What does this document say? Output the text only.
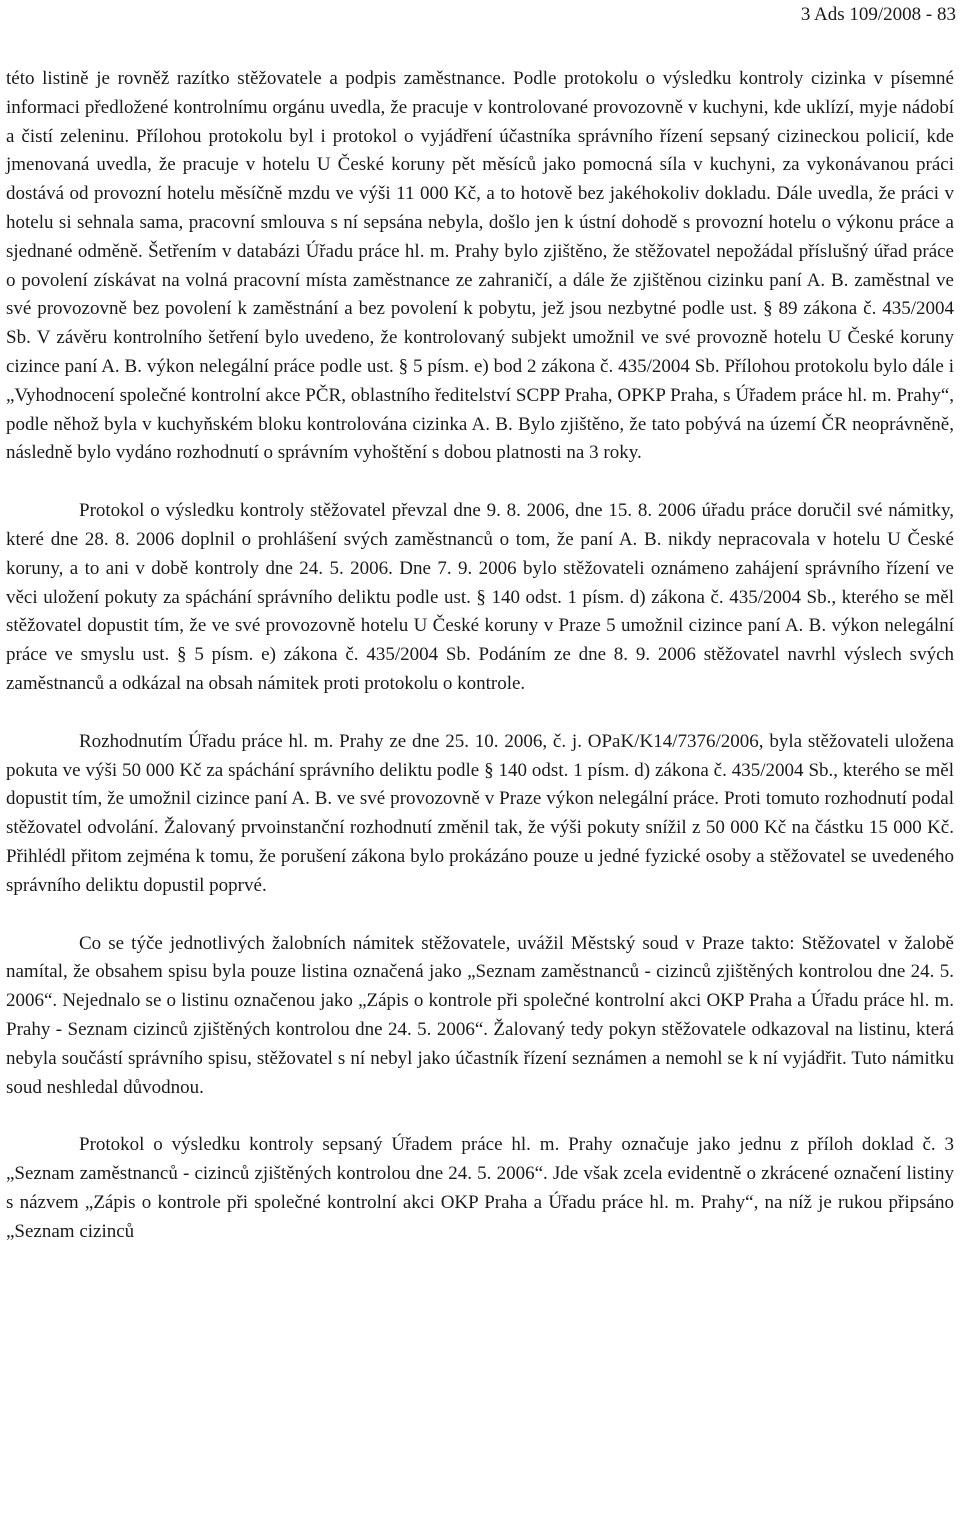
3 Ads 109/2008 - 83

této listině je rovněž razítko stěžovatele a podpis zaměstnance. Podle protokolu o výsledku kontroly cizinka v písemné informaci předložené kontrolnímu orgánu uvedla, že pracuje v kontrolované provozovně v kuchyni, kde uklízí, myje nádobí a čistí zeleninu. Přílohou protokolu byl i protokol o vyjádření účastníka správního řízení sepsaný cizineckou policií, kde jmenovaná uvedla, že pracuje v hotelu U České koruny pět měsíců jako pomocná síla v kuchyni, za vykonávanou práci dostává od provozní hotelu měsíčně mzdu ve výši 11 000 Kč, a to hotově bez jakéhokoliv dokladu. Dále uvedla, že práci v hotelu si sehnala sama, pracovní smlouva s ní sepsána nebyla, došlo jen k ústní dohodě s provozní hotelu o výkonu práce a sjednané odměně. Šetřením v databázi Úřadu práce hl. m. Prahy bylo zjištěno, že stěžovatel nepožádal příslušný úřad práce o povolení získávat na volná pracovní místa zaměstnance ze zahraničí, a dále že zjištěnou cizinku paní A. B. zaměstnal ve své provozovně bez povolení k zaměstnání a bez povolení k pobytu, jež jsou nezbytné podle ust. § 89 zákona č. 435/2004 Sb. V závěru kontrolního šetření bylo uvedeno, že kontrolovaný subjekt umožnil ve své provozně hotelu U České koruny cizince paní A. B. výkon nelegální práce podle ust. § 5 písm. e) bod 2 zákona č. 435/2004 Sb. Přílohou protokolu bylo dále i „Vyhodnocení společné kontrolní akce PČR, oblastního ředitelství SCPP Praha, OPKP Praha, s Úřadem práce hl. m. Prahy“, podle něhož byla v kuchyňském bloku kontrolována cizinka A. B. Bylo zjištěno, že tato pobývá na území ČR neoprávněně, následně bylo vydáno rozhodnutí o správním vyhoštění s dobou platnosti na 3 roky.

Protokol o výsledku kontroly stěžovatel převzal dne 9. 8. 2006, dne 15. 8. 2006 úřadu práce doručil své námitky, které dne 28. 8. 2006 doplnil o prohlášení svých zaměstnanců o tom, že paní A. B. nikdy nepracovala v hotelu U České koruny, a to ani v době kontroly dne 24. 5. 2006. Dne 7. 9. 2006 bylo stěžovateli oznámeno zahájení správního řízení ve věci uložení pokuty za spáchání správního deliktu podle ust. § 140 odst. 1 písm. d) zákona č. 435/2004 Sb., kterého se měl stěžovatel dopustit tím, že ve své provozovně hotelu U České koruny v Praze 5 umožnil cizince paní A. B. výkon nelegální práce ve smyslu ust. § 5 písm. e) zákona č. 435/2004 Sb. Podáním ze dne 8. 9. 2006 stěžovatel navrhl výslech svých zaměstnanců a odkázal na obsah námitek proti protokolu o kontrole.

Rozhodnutím Úřadu práce hl. m. Prahy ze dne 25. 10. 2006, č. j. OPaK/K14/7376/2006, byla stěžovateli uložena pokuta ve výši 50 000 Kč za spáchání správního deliktu podle § 140 odst. 1 písm. d) zákona č. 435/2004 Sb., kterého se měl dopustit tím, že umožnil cizince paní A. B. ve své provozovně v Praze výkon nelegální práce. Proti tomuto rozhodnutí podal stěžovatel odvolání. Žalovaný prvoinstanční rozhodnutí změnil tak, že výši pokuty snížil z 50 000 Kč na částku 15 000 Kč. Přihlédl přitom zejména k tomu, že porušení zákona bylo prokázáno pouze u jedné fyzické osoby a stěžovatel se uvedeného správního deliktu dopustil poprvé.

Co se týče jednotlivých žalobních námitek stěžovatele, uvážil Městský soud v Praze takto: Stěžovatel v žalobě namítal, že obsahem spisu byla pouze listina označená jako „Seznam zaměstnanců - cizinců zjištěných kontrolou dne 24. 5. 2006“. Nejednalo se o listinu označenou jako „Zápis o kontrole při společné kontrolní akci OKP Praha a Úřadu práce hl. m. Prahy - Seznam cizinců zjištěných kontrolou dne 24. 5. 2006“. Žalovaný tedy pokyn stěžovatele odkazoval na listinu, která nebyla součástí správního spisu, stěžovatel s ní nebyl jako účastník řízení seznámen a nemohl se k ní vyjádřit. Tuto námitku soud neshledal důvodnou.

Protokol o výsledku kontroly sepsaný Úřadem práce hl. m. Prahy označuje jako jednu z příloh doklad č. 3 „Seznam zaměstnanců - cizinců zjištěných kontrolou dne 24. 5. 2006“. Jde však zcela evidentně o zkrácené označení listiny s názvem „Zápis o kontrole při společné kontrolní akci OKP Praha a Úřadu práce hl. m. Prahy“, na níž je rukou připsáno „Seznam cizinců
